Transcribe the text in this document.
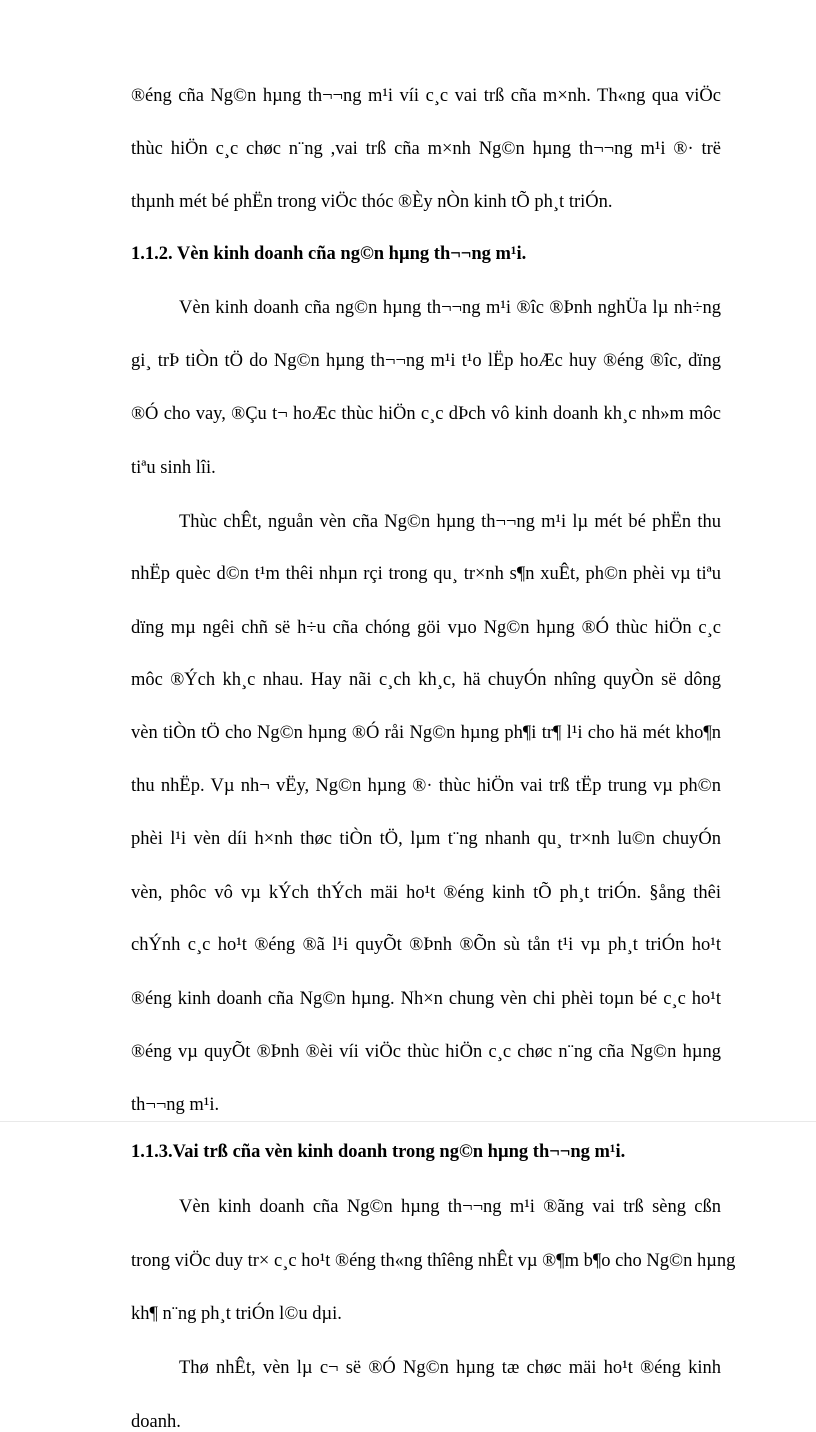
®éng cña Ng©n hµng th¬¬ng m¹i víi c¸c vai trß cña m×nh. Th«ng qua viÖc
thùc hiÖn c¸c chøc n¨ng ,vai trß cña m×nh Ng©n hµng th¬¬ng m¹i ®· trë
thµnh mét bé phËn trong viÖc thóc ®Èy nÒn kinh tÕ ph¸t triÓn.
1.1.2. Vèn kinh doanh cña ng©n hµng th¬¬ng m¹i.
Vèn kinh doanh cña ng©n hµng th¬¬ng m¹i ®îc ®Þnh nghÜa lµ nh÷ng
gi¸ trÞ tiÒn tÖ do Ng©n hµng th¬¬ng m¹i t¹o lËp hoÆc huy ®éng ®îc, dïng
®Ó cho vay, ®Çu t¬ hoÆc thùc hiÖn c¸c dÞch vô kinh doanh kh¸c nh»m môc
tiªu sinh lîi.
Thùc chÊt, nguån vèn cña Ng©n hµng th¬¬ng m¹i lµ mét bé phËn thu
nhËp quèc d©n t¹m thêi nhµn rçi trong qu¸ tr×nh s¶n xuÊt, ph©n phèi vµ tiªu
dïng mµ ngêi chñ së h÷u cña chóng göi vµo Ng©n hµng ®Ó thùc hiÖn c¸c
môc ®Ých kh¸c nhau. Hay nãi c¸ch kh¸c, hä chuyÓn nhîng quyÒn së dông
vèn tiÒn tÖ cho Ng©n hµng ®Ó råi Ng©n hµng ph¶i tr¶ l¹i cho hä mét kho¶n
thu nhËp. Vµ nh¬ vËy, Ng©n hµng ®· thùc hiÖn vai trß tËp trung vµ ph©n
phèi l¹i vèn díi h×nh thøc tiÒn tÖ, lµm t¨ng nhanh qu¸ tr×nh lu©n chuyÓn
vèn, phôc vô vµ kÝch thÝch mäi ho¹t ®éng kinh tÕ ph¸t triÓn. §ång thêi
chÝnh c¸c ho¹t ®éng ®ã l¹i quyÕt ®Þnh ®Õn sù tån t¹i vµ ph¸t triÓn ho¹t
®éng kinh doanh cña Ng©n hµng. Nh×n chung vèn chi phèi toµn bé c¸c ho¹t
®éng vµ quyÕt ®Þnh ®èi víi viÖc thùc hiÖn c¸c chøc n¨ng cña Ng©n hµng
th¬¬ng m¹i.
1.1.3.Vai trß cña vèn kinh doanh trong ng©n hµng th¬¬ng m¹i.
Vèn kinh doanh cña Ng©n hµng th¬¬ng m¹i ®ãng vai trß sèng cßn
trong viÖc duy tr× c¸c ho¹t ®éng th«ng thîêng nhÊt vµ ®¶m b¶o cho Ng©n hµng
kh¶ n¨ng ph¸t triÓn l©u dµi.
Thø nhÊt, vèn lµ c¬ së ®Ó Ng©n hµng tæ chøc mäi ho¹t ®éng kinh
doanh.
